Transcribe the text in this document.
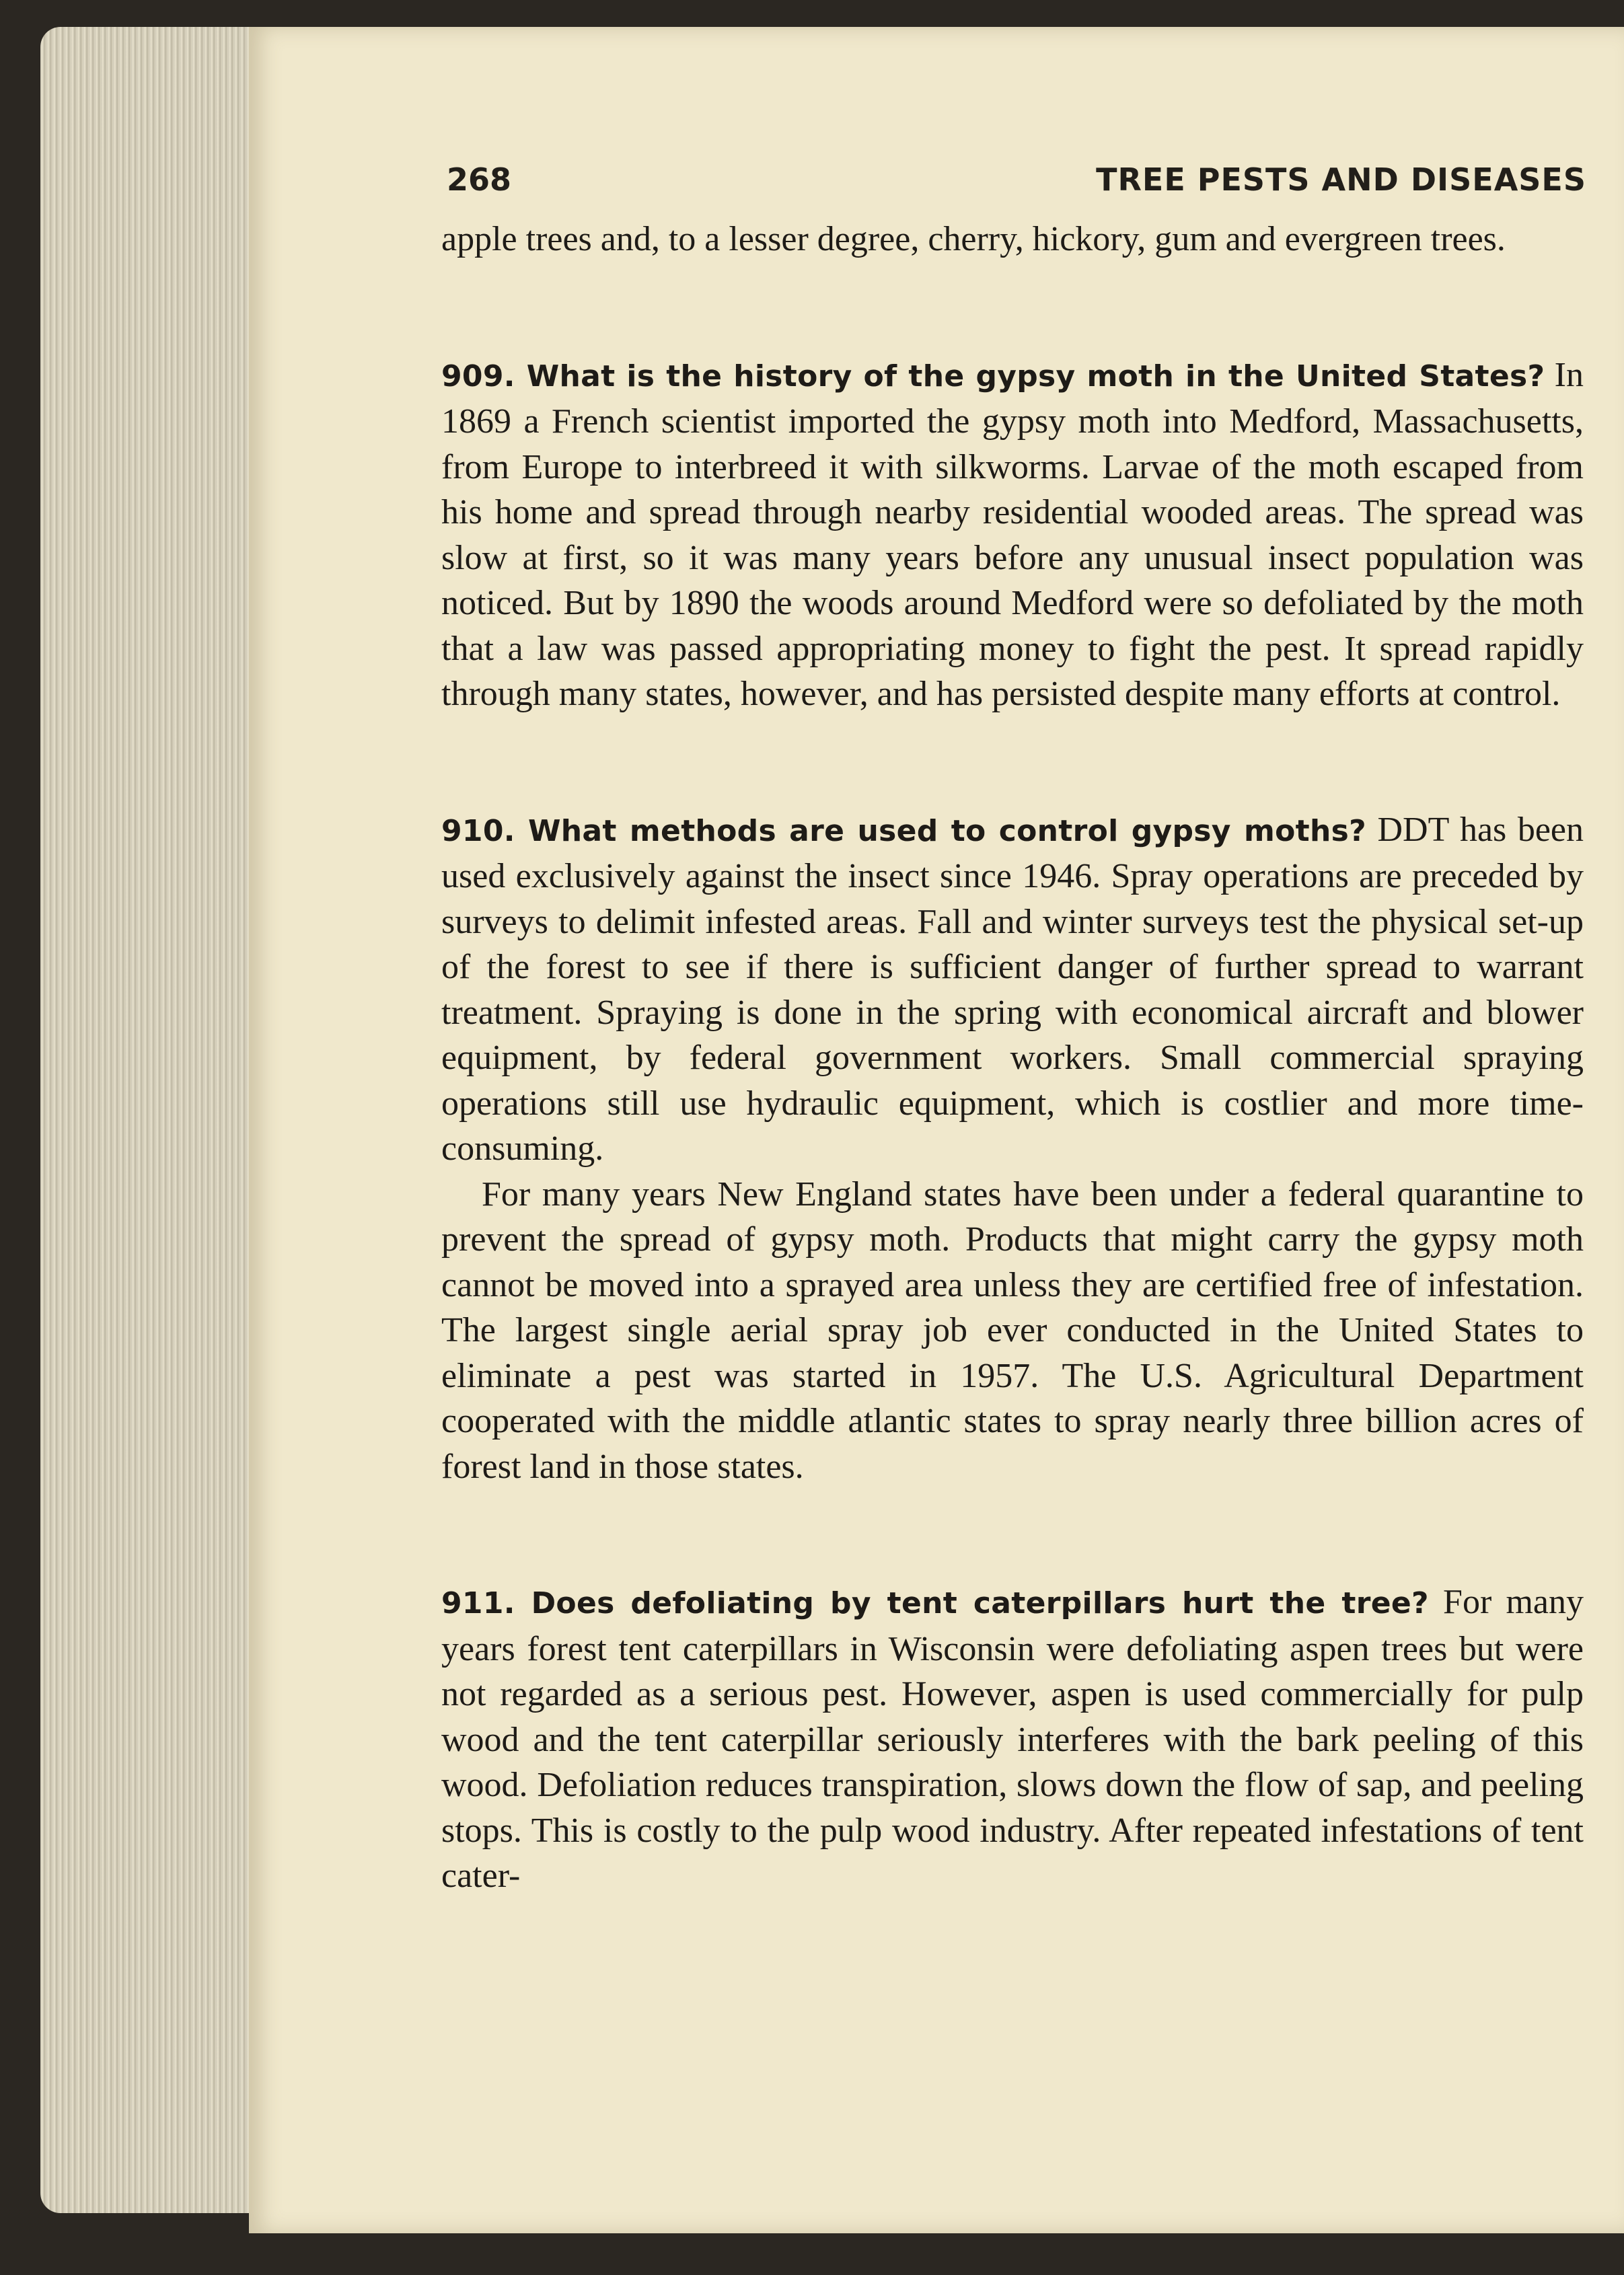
268	TREE PESTS AND DISEASES

apple trees and, to a lesser degree, cherry, hickory, gum and evergreen trees.

909. What is the history of the gypsy moth in the United States? In 1869 a French scientist imported the gypsy moth into Medford, Massachusetts, from Europe to interbreed it with silkworms. Larvae of the moth escaped from his home and spread through nearby residential wooded areas. The spread was slow at first, so it was many years before any unusual insect population was noticed. But by 1890 the woods around Medford were so defoliated by the moth that a law was passed appropriating money to fight the pest. It spread rapidly through many states, however, and has persisted despite many efforts at control.

910. What methods are used to control gypsy moths? DDT has been used exclusively against the insect since 1946. Spray operations are preceded by surveys to delimit infested areas. Fall and winter surveys test the physical set-up of the forest to see if there is sufficient danger of further spread to warrant treatment. Spraying is done in the spring with economical aircraft and blower equipment, by federal government workers. Small commercial spraying operations still use hydraulic equipment, which is costlier and more time-consuming.

For many years New England states have been under a federal quarantine to prevent the spread of gypsy moth. Products that might carry the gypsy moth cannot be moved into a sprayed area unless they are certified free of infestation. The largest single aerial spray job ever conducted in the United States to eliminate a pest was started in 1957. The U.S. Agricultural Department cooperated with the middle atlantic states to spray nearly three billion acres of forest land in those states.

911. Does defoliating by tent caterpillars hurt the tree? For many years forest tent caterpillars in Wisconsin were defoliating aspen trees but were not regarded as a serious pest. However, aspen is used commercially for pulp wood and the tent caterpillar seriously interferes with the bark peeling of this wood. Defoliation reduces transpiration, slows down the flow of sap, and peeling stops. This is costly to the pulp wood industry. After repeated infestations of tent cater-
